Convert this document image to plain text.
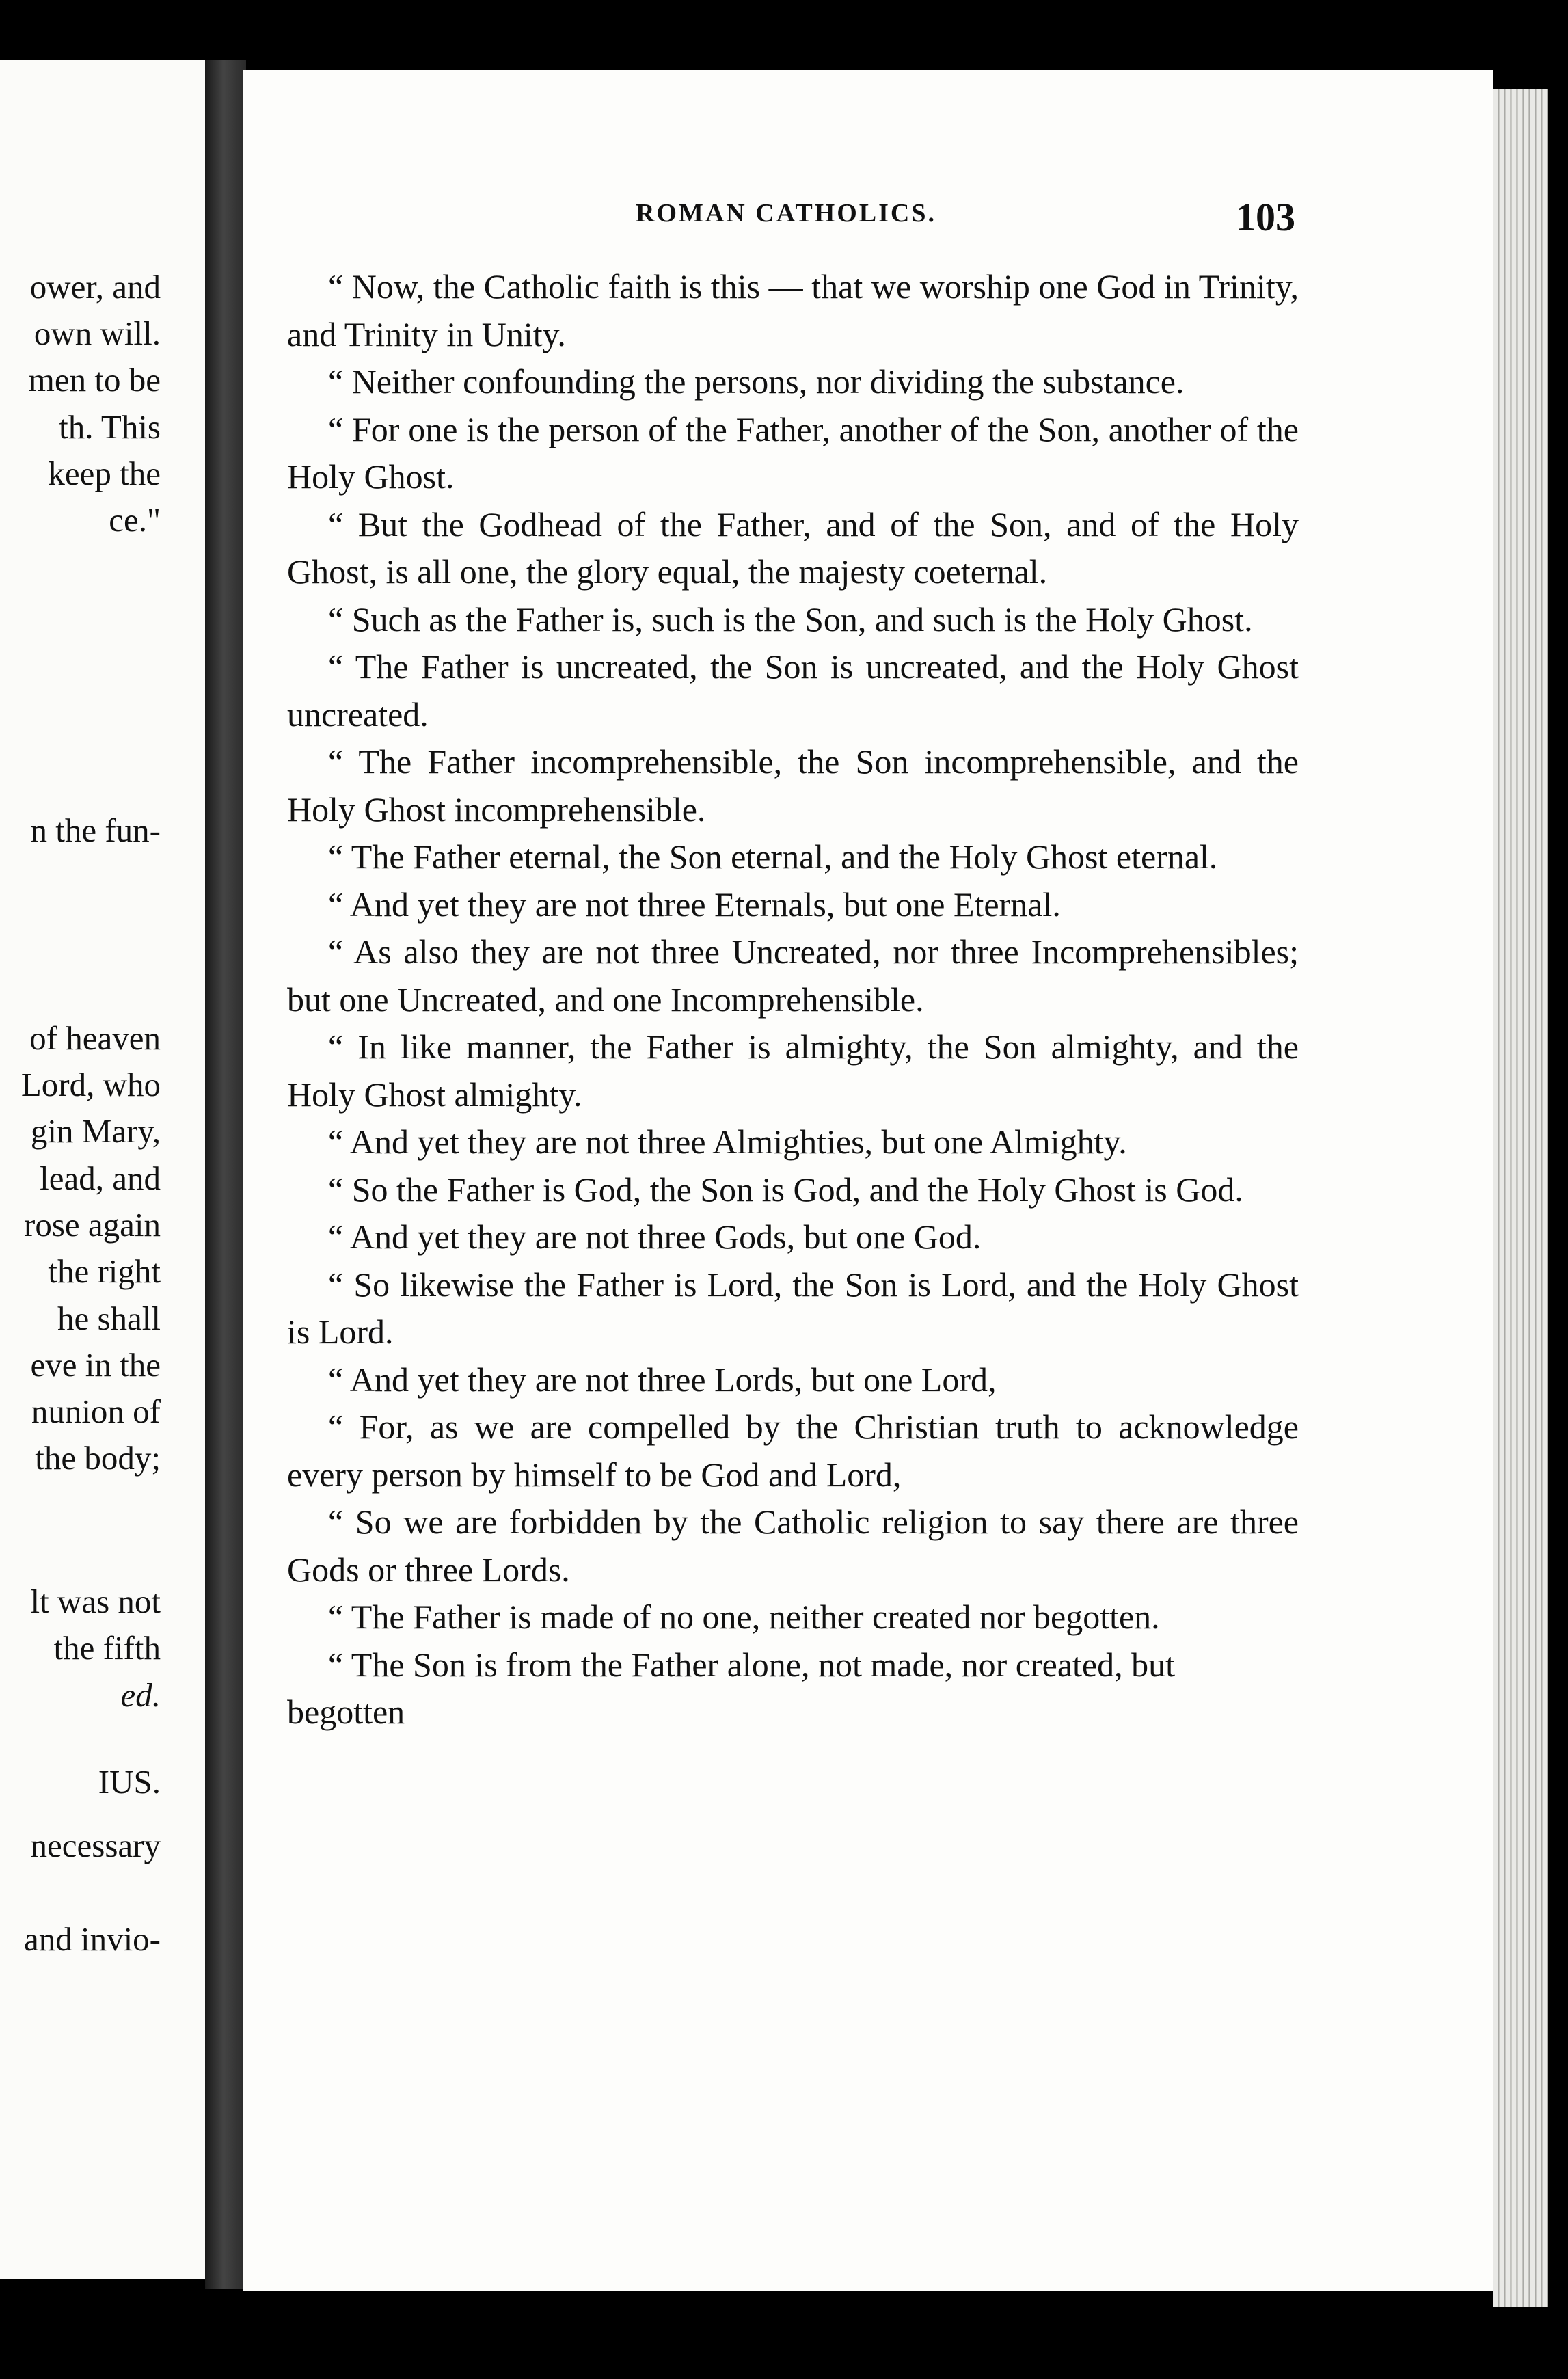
ower, and
own will.
men to be
th. This
keep the
ce."
n the fun-
of heaven
Lord, who
gin Mary,
lead, and
rose again
the right
he shall
eve in the
nunion of
the body;
lt was not
the fifth
ed.
IUS.
necessary
and invio-
ROMAN CATHOLICS.	103

“ Now, the Catholic faith is this — that we worship one God in Trinity, and Trinity in Unity.

“ Neither confounding the persons, nor dividing the substance.

“ For one is the person of the Father, another of the Son, another of the Holy Ghost.

“ But the Godhead of the Father, and of the Son, and of the Holy Ghost, is all one, the glory equal, the majesty coeternal.

“ Such as the Father is, such is the Son, and such is the Holy Ghost.

“ The Father is uncreated, the Son is uncreated, and the Holy Ghost uncreated.

“ The Father incomprehensible, the Son incomprehensible, and the Holy Ghost incomprehensible.

“ The Father eternal, the Son eternal, and the Holy Ghost eternal.

“ And yet they are not three Eternals, but one Eternal.

“ As also they are not three Uncreated, nor three Incomprehensibles; but one Uncreated, and one Incomprehensible.

“ In like manner, the Father is almighty, the Son almighty, and the Holy Ghost almighty.

“ And yet they are not three Almighties, but one Almighty.

“ So the Father is God, the Son is God, and the Holy Ghost is God.

“ And yet they are not three Gods, but one God.

“ So likewise the Father is Lord, the Son is Lord, and the Holy Ghost is Lord.

“ And yet they are not three Lords, but one Lord,

“ For, as we are compelled by the Christian truth to acknowledge every person by himself to be God and Lord,

“ So we are forbidden by the Catholic religion to say there are three Gods or three Lords.

“ The Father is made of no one, neither created nor begotten.

“ The Son is from the Father alone, not made, nor created, but begotten
